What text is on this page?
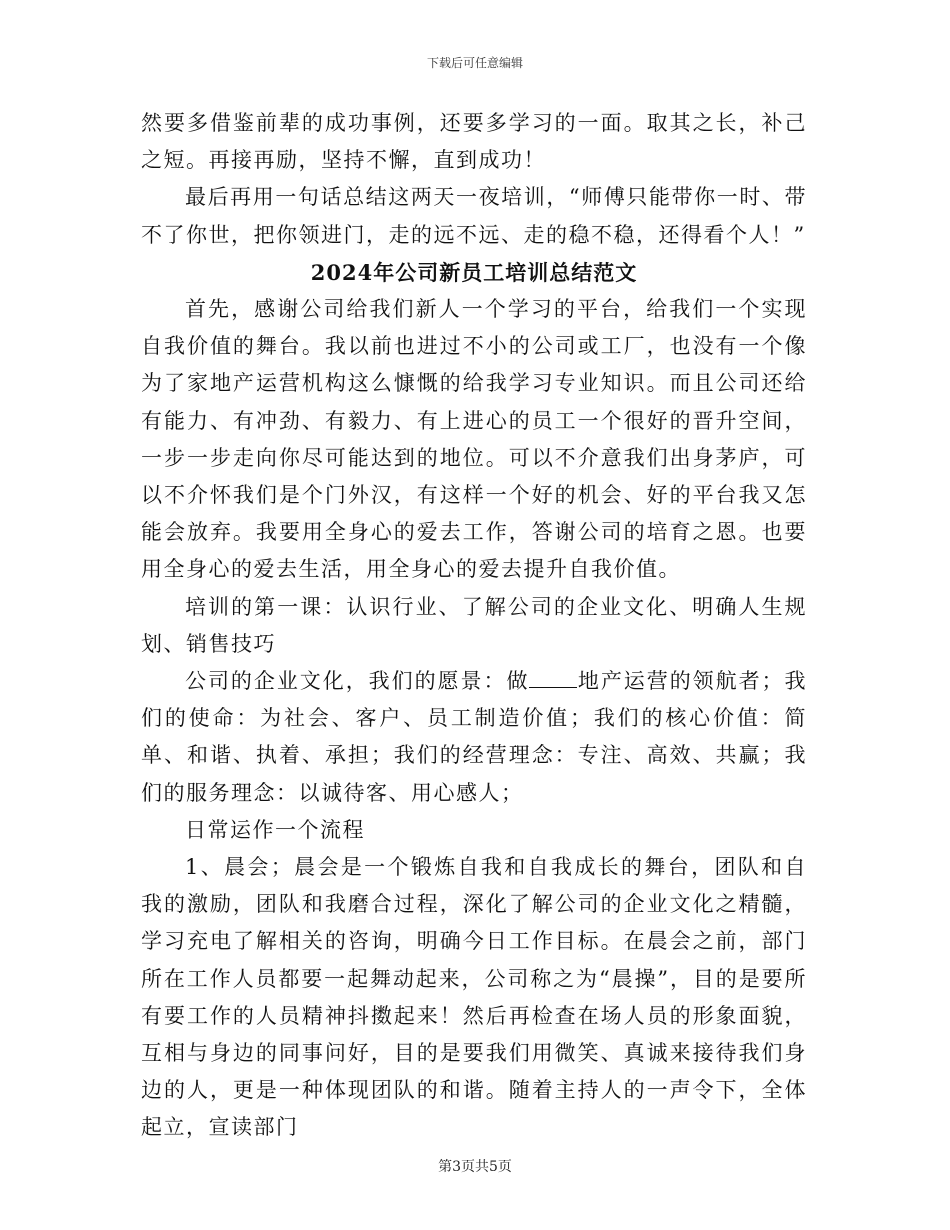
下载后可任意编辑

然要多借鉴前辈的成功事例，还要多学习的一面。取其之长，补己之短。再接再励，坚持不懈，直到成功！

最后再用一句话总结这两天一夜培训，“师傅只能带你一时、带不了你世，把你领进门，走的远不远、走的稳不稳，还得看个人！”

2024年公司新员工培训总结范文

首先，感谢公司给我们新人一个学习的平台，给我们一个实现自我价值的舞台。我以前也进过不小的公司或工厂，也没有一个像为了家地产运营机构这么慷慨的给我学习专业知识。而且公司还给有能力、有冲劲、有毅力、有上进心的员工一个很好的晋升空间，一步一步走向你尽可能达到的地位。可以不介意我们出身茅庐，可以不介怀我们是个门外汉，有这样一个好的机会、好的平台我又怎能会放弃。我要用全身心的爱去工作，答谢公司的培育之恩。也要用全身心的爱去生活，用全身心的爱去提升自我价值。

培训的第一课：认识行业、了解公司的企业文化、明确人生规划、销售技巧

公司的企业文化，我们的愿景：做 地产运营的领航者；我们的使命：为社会、客户、员工制造价值；我们的核心价值：简单、和谐、执着、承担；我们的经营理念：专注、高效、共赢；我们的服务理念：以诚待客、用心感人；

日常运作一个流程

1、晨会；晨会是一个锻炼自我和自我成长的舞台，团队和自我的激励，团队和我磨合过程，深化了解公司的企业文化之精髓，学习充电了解相关的咨询，明确今日工作目标。在晨会之前，部门所在工作人员都要一起舞动起来，公司称之为“晨操”，目的是要所有要工作的人员精神抖擞起来！然后再检查在场人员的形象面貌，互相与身边的同事问好，目的是要我们用微笑、真诚来接待我们身边的人，更是一种体现团队的和谐。随着主持人的一声令下，全体起立，宣读部门

第3页共5页
